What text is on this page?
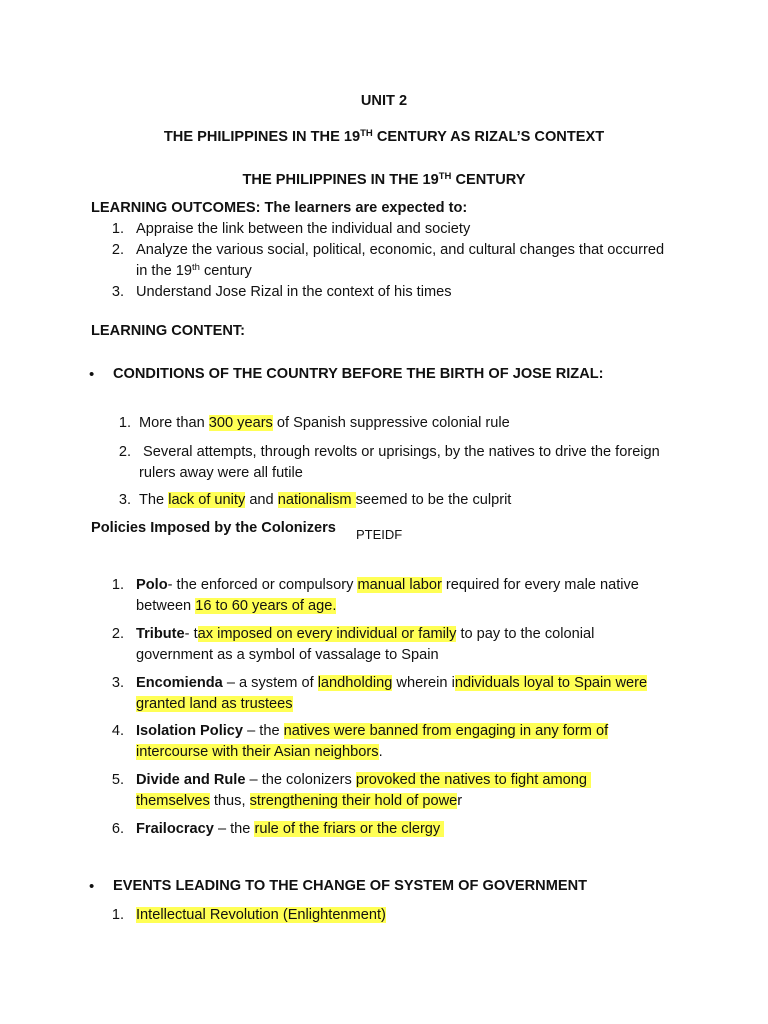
UNIT 2
THE PHILIPPINES IN THE 19TH CENTURY AS RIZAL’S CONTEXT
THE PHILIPPINES IN THE 19TH CENTURY
LEARNING OUTCOMES: The learners are expected to:
1. Appraise the link between the individual and society
2. Analyze the various social, political, economic, and cultural changes that occurred
in the 19th century
3. Understand Jose Rizal in the context of his times
LEARNING CONTENT:
• CONDITIONS OF THE COUNTRY BEFORE THE BIRTH OF JOSE RIZAL:
1. More than 300 years of Spanish suppressive colonial rule
2. Several attempts, through revolts or uprisings, by the natives to drive the foreign
rulers away were all futile
3. The lack of unity and nationalism seemed to be the culprit
Policies Imposed by the Colonizers PTEIDF
1. Polo- the enforced or compulsory manual labor required for every male native
between 16 to 60 years of age.
2. Tribute- tax imposed on every individual or family to pay to the colonial
government as a symbol of vassalage to Spain
3. Encomienda – a system of landholding wherein individuals loyal to Spain were
granted land as trustees
4. Isolation Policy – the natives were banned from engaging in any form of
intercourse with their Asian neighbors.
5. Divide and Rule – the colonizers provoked the natives to fight among
themselves thus, strengthening their hold of power
6. Frailocracy – the rule of the friars or the clergy
• EVENTS LEADING TO THE CHANGE OF SYSTEM OF GOVERNMENT
1. Intellectual Revolution (Enlightenment)
